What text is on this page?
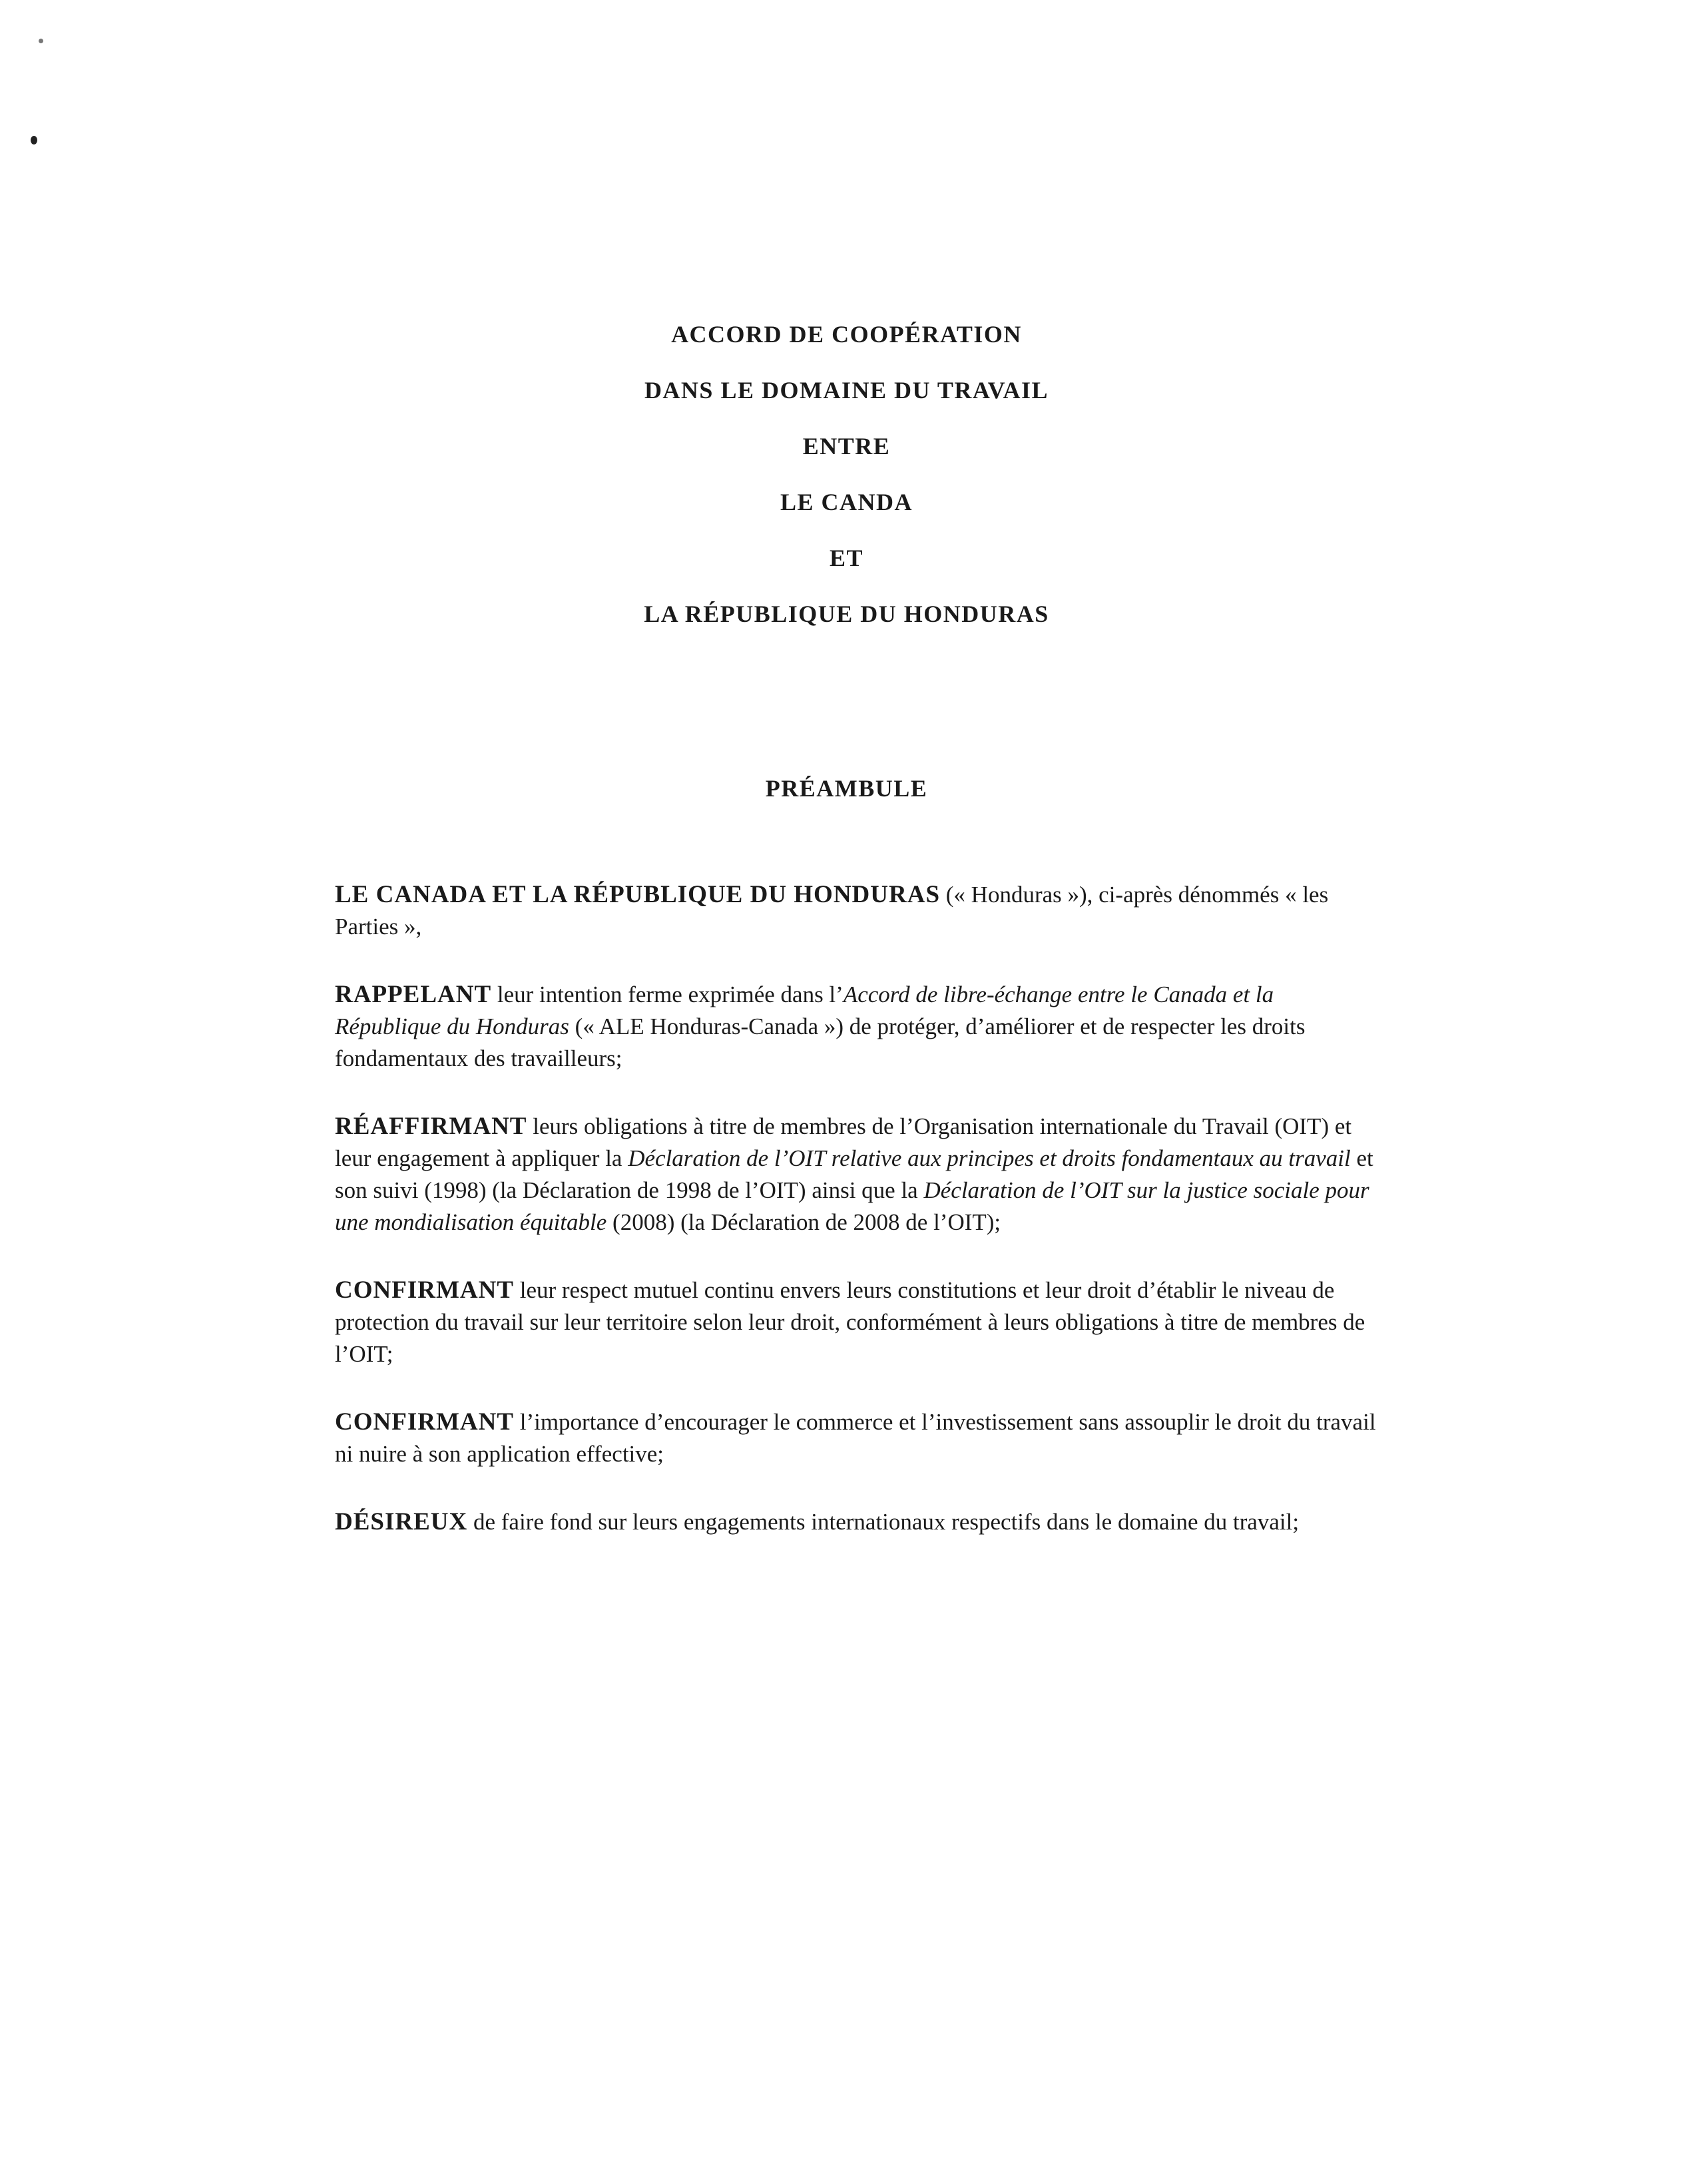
ACCORD DE COOPÉRATION
DANS LE DOMAINE DU TRAVAIL
ENTRE
LE CANDA
ET
LA RÉPUBLIQUE DU HONDURAS
PRÉAMBULE

LE CANADA ET LA RÉPUBLIQUE DU HONDURAS (« Honduras »), ci-après dénommés « les Parties »,

RAPPELANT leur intention ferme exprimée dans l’Accord de libre-échange entre le Canada et la République du Honduras (« ALE Honduras-Canada ») de protéger, d’améliorer et de respecter les droits fondamentaux des travailleurs;

RÉAFFIRMANT leurs obligations à titre de membres de l’Organisation internationale du Travail (OIT) et leur engagement à appliquer la Déclaration de l’OIT relative aux principes et droits fondamentaux au travail et son suivi (1998) (la Déclaration de 1998 de l’OIT) ainsi que la Déclaration de l’OIT sur la justice sociale pour une mondialisation équitable (2008) (la Déclaration de 2008 de l’OIT);

CONFIRMANT leur respect mutuel continu envers leurs constitutions et leur droit d’établir le niveau de protection du travail sur leur territoire selon leur droit, conformément à leurs obligations à titre de membres de l’OIT;

CONFIRMANT l’importance d’encourager le commerce et l’investissement sans assouplir le droit du travail ni nuire à son application effective;

DÉSIREUX de faire fond sur leurs engagements internationaux respectifs dans le domaine du travail;
